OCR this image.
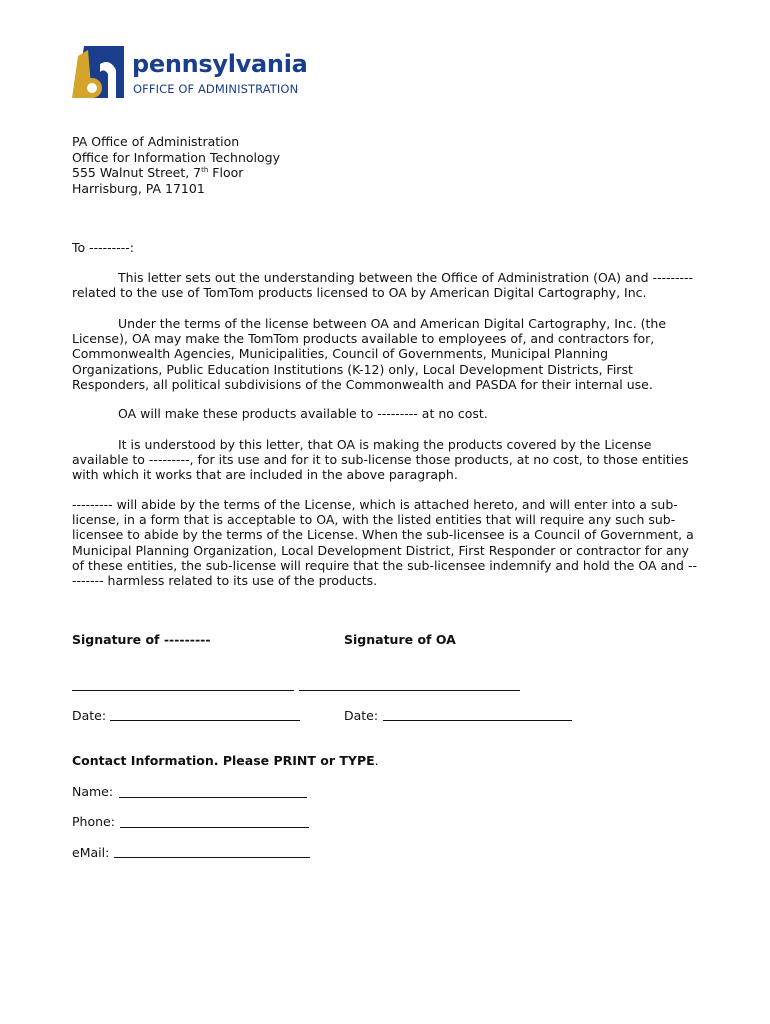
pennsylvania
OFFICE OF ADMINISTRATION
PA Office of Administration
Office for Information Technology
555 Walnut Street, 7th Floor
Harrisburg, PA 17101
To ---------:

This letter sets out the understanding between the Office of Administration (OA) and --------- related to the use of TomTom products licensed to OA by American Digital Cartography, Inc.

Under the terms of the license between OA and American Digital Cartography, Inc. (the License), OA may make the TomTom products available to employees of, and contractors for, Commonwealth Agencies, Municipalities, Council of Governments, Municipal Planning Organizations, Public Education Institutions (K-12) only, Local Development Districts, First Responders, all political subdivisions of the Commonwealth and PASDA for their internal use.

OA will make these products available to --------- at no cost.

It is understood by this letter, that OA is making the products covered by the License available to ---------, for its use and for it to sub-license those products, at no cost, to those entities with which it works that are included in the above paragraph.

--------- will abide by the terms of the License, which is attached hereto, and will enter into a sub-license, in a form that is acceptable to OA, with the listed entities that will require any such sub-licensee to abide by the terms of the License. When the sub-licensee is a Council of Government, a Municipal Planning Organization, Local Development District, First Responder or contractor for any of these entities, the sub-license will require that the sub-licensee indemnify and hold the OA and --------- harmless related to its use of the products.

Signature of ---------	Signature of OA
Date:	Date:
Contact Information. Please PRINT or TYPE.
Name:
Phone:
eMail:
